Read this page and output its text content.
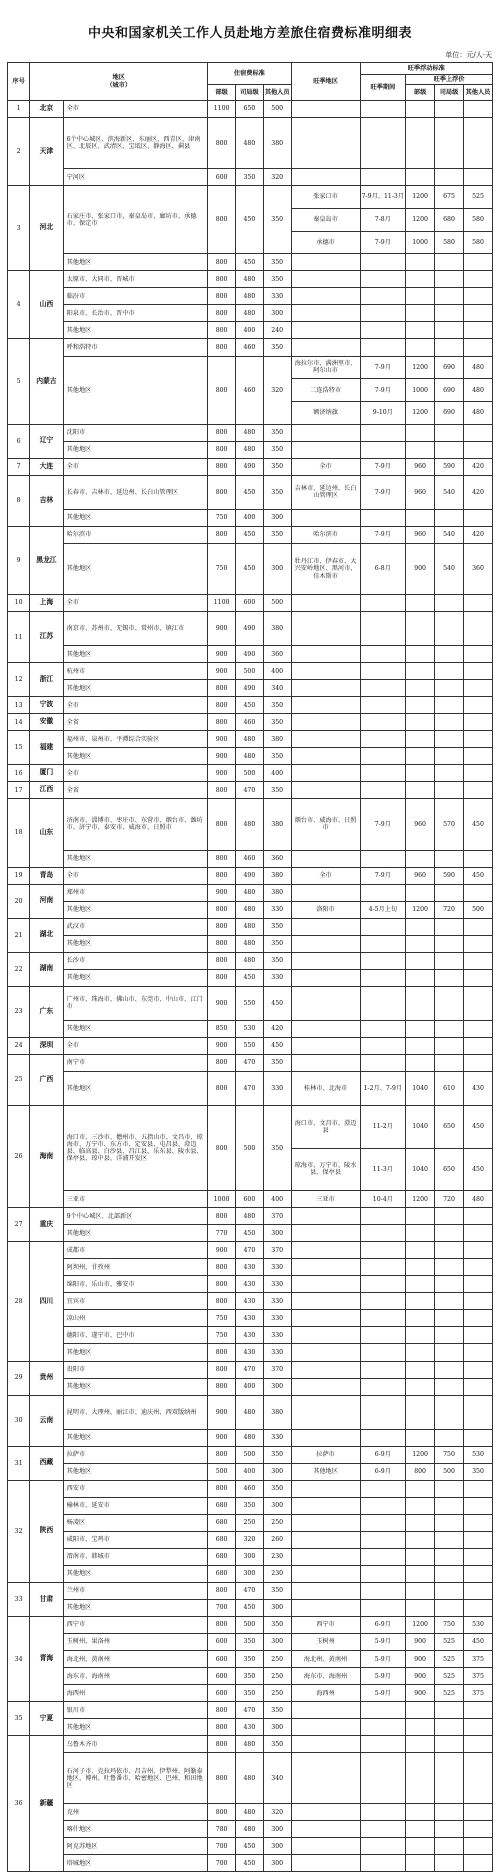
中央和国家机关工作人员赴地方差旅住宿费标准明细表
单位：元/人·天
序号	地区
（城市）		住宿费标准			旺季地区	旺季浮动标准			
							旺季期间	旺季上浮价		
			部级	司局级	其他人员			部级	司局级	其他人员
1	北京	全市	1100	650	500					
2	天津	6个中心城区、滨海新区、东丽区、西青区、津南区、北辰区、武清区、宝坻区、静海区、蓟县	800	480	380					
		宁河区	600	350	320					
3	河北	石家庄市、张家口市、秦皇岛市、廊坊市、承德市、保定市	800	450	350	张家口市	7-9月、11-3月	1200	675	525
						秦皇岛市	7-8月	1200	680	580
						承德市	7-9月	1000	580	580
		其他地区	800	450	350					
4	山西	太原市、大同市、晋城市	800	480	350					
		临汾市	800	480	330					
		阳泉市、长治市、晋中市	800	480	300					
		其他地区	800	400	240					
5	内蒙古	呼和浩特市	800	460	350					
		其他地区	800	460	320	海拉尔市、满洲里市、阿尔山市	7-9月	1200	690	480
						二连浩特市	7-9月	1000	690	480
						额济纳旗	9-10月	1200	690	480
6	辽宁	沈阳市	800	480	350					
		其他地区	800	480	350					
7	大连	全市	800	490	350	全市	7-9月	960	590	420
8	吉林	长春市、吉林市、延边州、长白山管理区	800	450	350	吉林市、延边州、长白山管理区	7-9月	960	540	420
		其他地区	750	400	300					
9	黑龙江	哈尔滨市	800	450	350	哈尔滨市	7-9月	960	540	420
		其他地区	750	450	300	牡丹江市、伊春市、大兴安岭地区、黑河市、佳木斯市	6-8月	900	540	360
10	上海	全市	1100	600	500					
11	江苏	南京市、苏州市、无锡市、常州市、镇江市	900	490	380					
		其他地区	900	490	360					
12	浙江	杭州市	900	500	400					
		其他地区	800	490	340					
13	宁波	全市	800	450	350					
14	安徽	全省	800	460	350					
15	福建	福州市、泉州市、平潭综合实验区	900	480	380					
		其他地区	900	480	350					
16	厦门	全市	900	500	400					
17	江西	全省	800	470	350					
18	山东	济南市、淄博市、枣庄市、东营市、烟台市、潍坊市、济宁市、泰安市、威海市、日照市	800	480	380	烟台市、威海市、日照市	7-9月	960	570	450
		其他地区	800	460	360					
19	青岛	全市	800	490	380	全市	7-9月	960	590	450
20	河南	郑州市	900	480	380					
		其他地区	800	480	330	洛阳市	4-5月上旬	1200	720	500
21	湖北	武汉市	800	480	350					
		其他地区	800	480	350					
22	湖南	长沙市	800	480	350					
		其他地区	800	450	330					
23	广东	广州市、珠海市、佛山市、东莞市、中山市、江门市	900	550	450					
		其他地区	850	530	420					
24	深圳	全市	900	550	450					
25	广西	南宁市	800	470	350					
		其他地区	800	470	330	桂林市、北海市	1-2月、7-9月	1040	610	430
26	海南	海口市、三沙市、儋州市、五指山市、文昌市、琼海市、万宁市、东方市、定安县、屯昌县、澄迈县、临高县、白沙县、昌江县、乐东县、陵水县、保亭县、琼中县、洋浦开发区	800	500	350	海口市、文昌市、澄迈县	11-2月	1040	650	450
						琼海市、万宁市、陵水县、保亭县	11-3月	1040	650	450
		三亚市	1000	600	400	三亚市	10-4月	1200	720	480
27	重庆	9个中心城区、北部新区	800	480	370					
		其他地区	770	450	300					
28	四川	成都市	900	470	370					
		阿坝州、甘孜州	800	430	330					
		绵阳市、乐山市、雅安市	800	430	330					
		宜宾市	800	430	330					
		凉山州	750	430	330					
		德阳市、遂宁市、巴中市	750	430	330					
		其他地区	800	430	330					
29	贵州	贵阳市	800	470	370					
		其他地区	800	400	300					
30	云南	昆明市、大理州、丽江市、迪庆州、西双版纳州	900	480	380					
		其他地区	900	480	330					
31	西藏	拉萨市	800	500	350	拉萨市	6-9月	1200	750	530
		其他地区	500	400	300	其他地区	6-9月	800	500	350
32	陕西	西安市	800	460	350					
		榆林市、延安市	680	350	300					
		杨凌区	680	250	250					
		咸阳市、宝鸡市	680	320	260					
		渭南市、韩城市	680	300	230					
		其他地区	680	300	230					
33	甘肃	兰州市	800	470	350					
		其他地区	700	450	300					
34	青海	西宁市	800	500	350	西宁市	6-9月	1200	750	530
		玉树州、果洛州	600	350	300	玉树州	5-9月	900	525	450
		海北州、黄南州	600	350	250	海北州、黄南州	5-9月	900	525	375
		海东市、海南州	600	350	250	海东市、海南州	5-9月	900	525	375
		海西州	600	350	250	海西州	5-9月	900	525	375
35	宁夏	银川市	800	470	350					
		其他地区	800	430	300					
36	新疆	乌鲁木齐市	800	480	350					
		石河子市、克拉玛依市、昌吉州、伊犁州、阿勒泰地区、博州、吐鲁番市、哈密地区、巴州、和田地区	800	480	340					
		克州	800	480	320					
		喀什地区	780	480	300					
		阿克苏地区	700	450	300					
		塔城地区	700	450	300					
